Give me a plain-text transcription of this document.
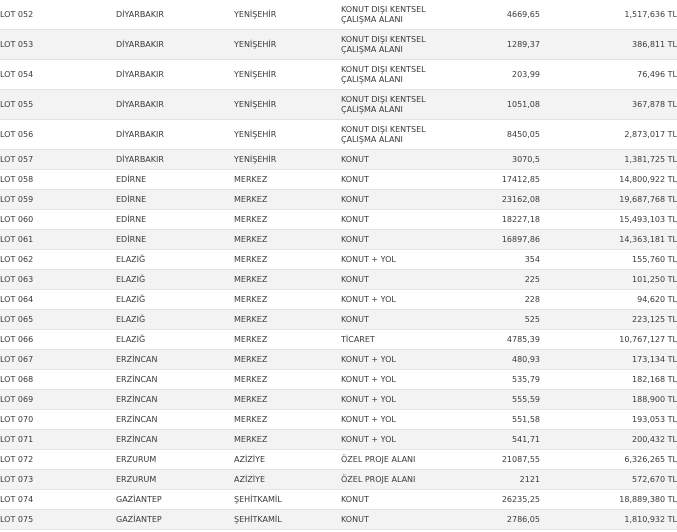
LOT 052	DİYARBAKIR	YENİŞEHİR	KONUT DIŞI KENTSEL ÇALIŞMA ALANI	4669,65	1,517,636 TL
LOT 053	DİYARBAKIR	YENİŞEHİR	KONUT DIŞI KENTSEL ÇALIŞMA ALANI	1289,37	386,811 TL
LOT 054	DİYARBAKIR	YENİŞEHİR	KONUT DIŞI KENTSEL ÇALIŞMA ALANI	203,99	76,496 TL
LOT 055	DİYARBAKIR	YENİŞEHİR	KONUT DIŞI KENTSEL ÇALIŞMA ALANI	1051,08	367,878 TL
LOT 056	DİYARBAKIR	YENİŞEHİR	KONUT DIŞI KENTSEL ÇALIŞMA ALANI	8450,05	2,873,017 TL
LOT 057	DİYARBAKIR	YENİŞEHİR	KONUT	3070,5	1,381,725 TL
LOT 058	EDİRNE	MERKEZ	KONUT	17412,85	14,800,922 TL
LOT 059	EDİRNE	MERKEZ	KONUT	23162,08	19,687,768 TL
LOT 060	EDİRNE	MERKEZ	KONUT	18227,18	15,493,103 TL
LOT 061	EDİRNE	MERKEZ	KONUT	16897,86	14,363,181 TL
LOT 062	ELAZIĞ	MERKEZ	KONUT + YOL	354	155,760 TL
LOT 063	ELAZIĞ	MERKEZ	KONUT	225	101,250 TL
LOT 064	ELAZIĞ	MERKEZ	KONUT + YOL	228	94,620 TL
LOT 065	ELAZIĞ	MERKEZ	KONUT	525	223,125 TL
LOT 066	ELAZIĞ	MERKEZ	TİCARET	4785,39	10,767,127 TL
LOT 067	ERZİNCAN	MERKEZ	KONUT + YOL	480,93	173,134 TL
LOT 068	ERZİNCAN	MERKEZ	KONUT + YOL	535,79	182,168 TL
LOT 069	ERZİNCAN	MERKEZ	KONUT + YOL	555,59	188,900 TL
LOT 070	ERZİNCAN	MERKEZ	KONUT + YOL	551,58	193,053 TL
LOT 071	ERZİNCAN	MERKEZ	KONUT + YOL	541,71	200,432 TL
LOT 072	ERZURUM	AZİZİYE	ÖZEL PROJE ALANI	21087,55	6,326,265 TL
LOT 073	ERZURUM	AZİZİYE	ÖZEL PROJE ALANI	2121	572,670 TL
LOT 074	GAZİANTEP	ŞEHİTKAMİL	KONUT	26235,25	18,889,380 TL
LOT 075	GAZİANTEP	ŞEHİTKAMİL	KONUT	2786,05	1,810,932 TL
